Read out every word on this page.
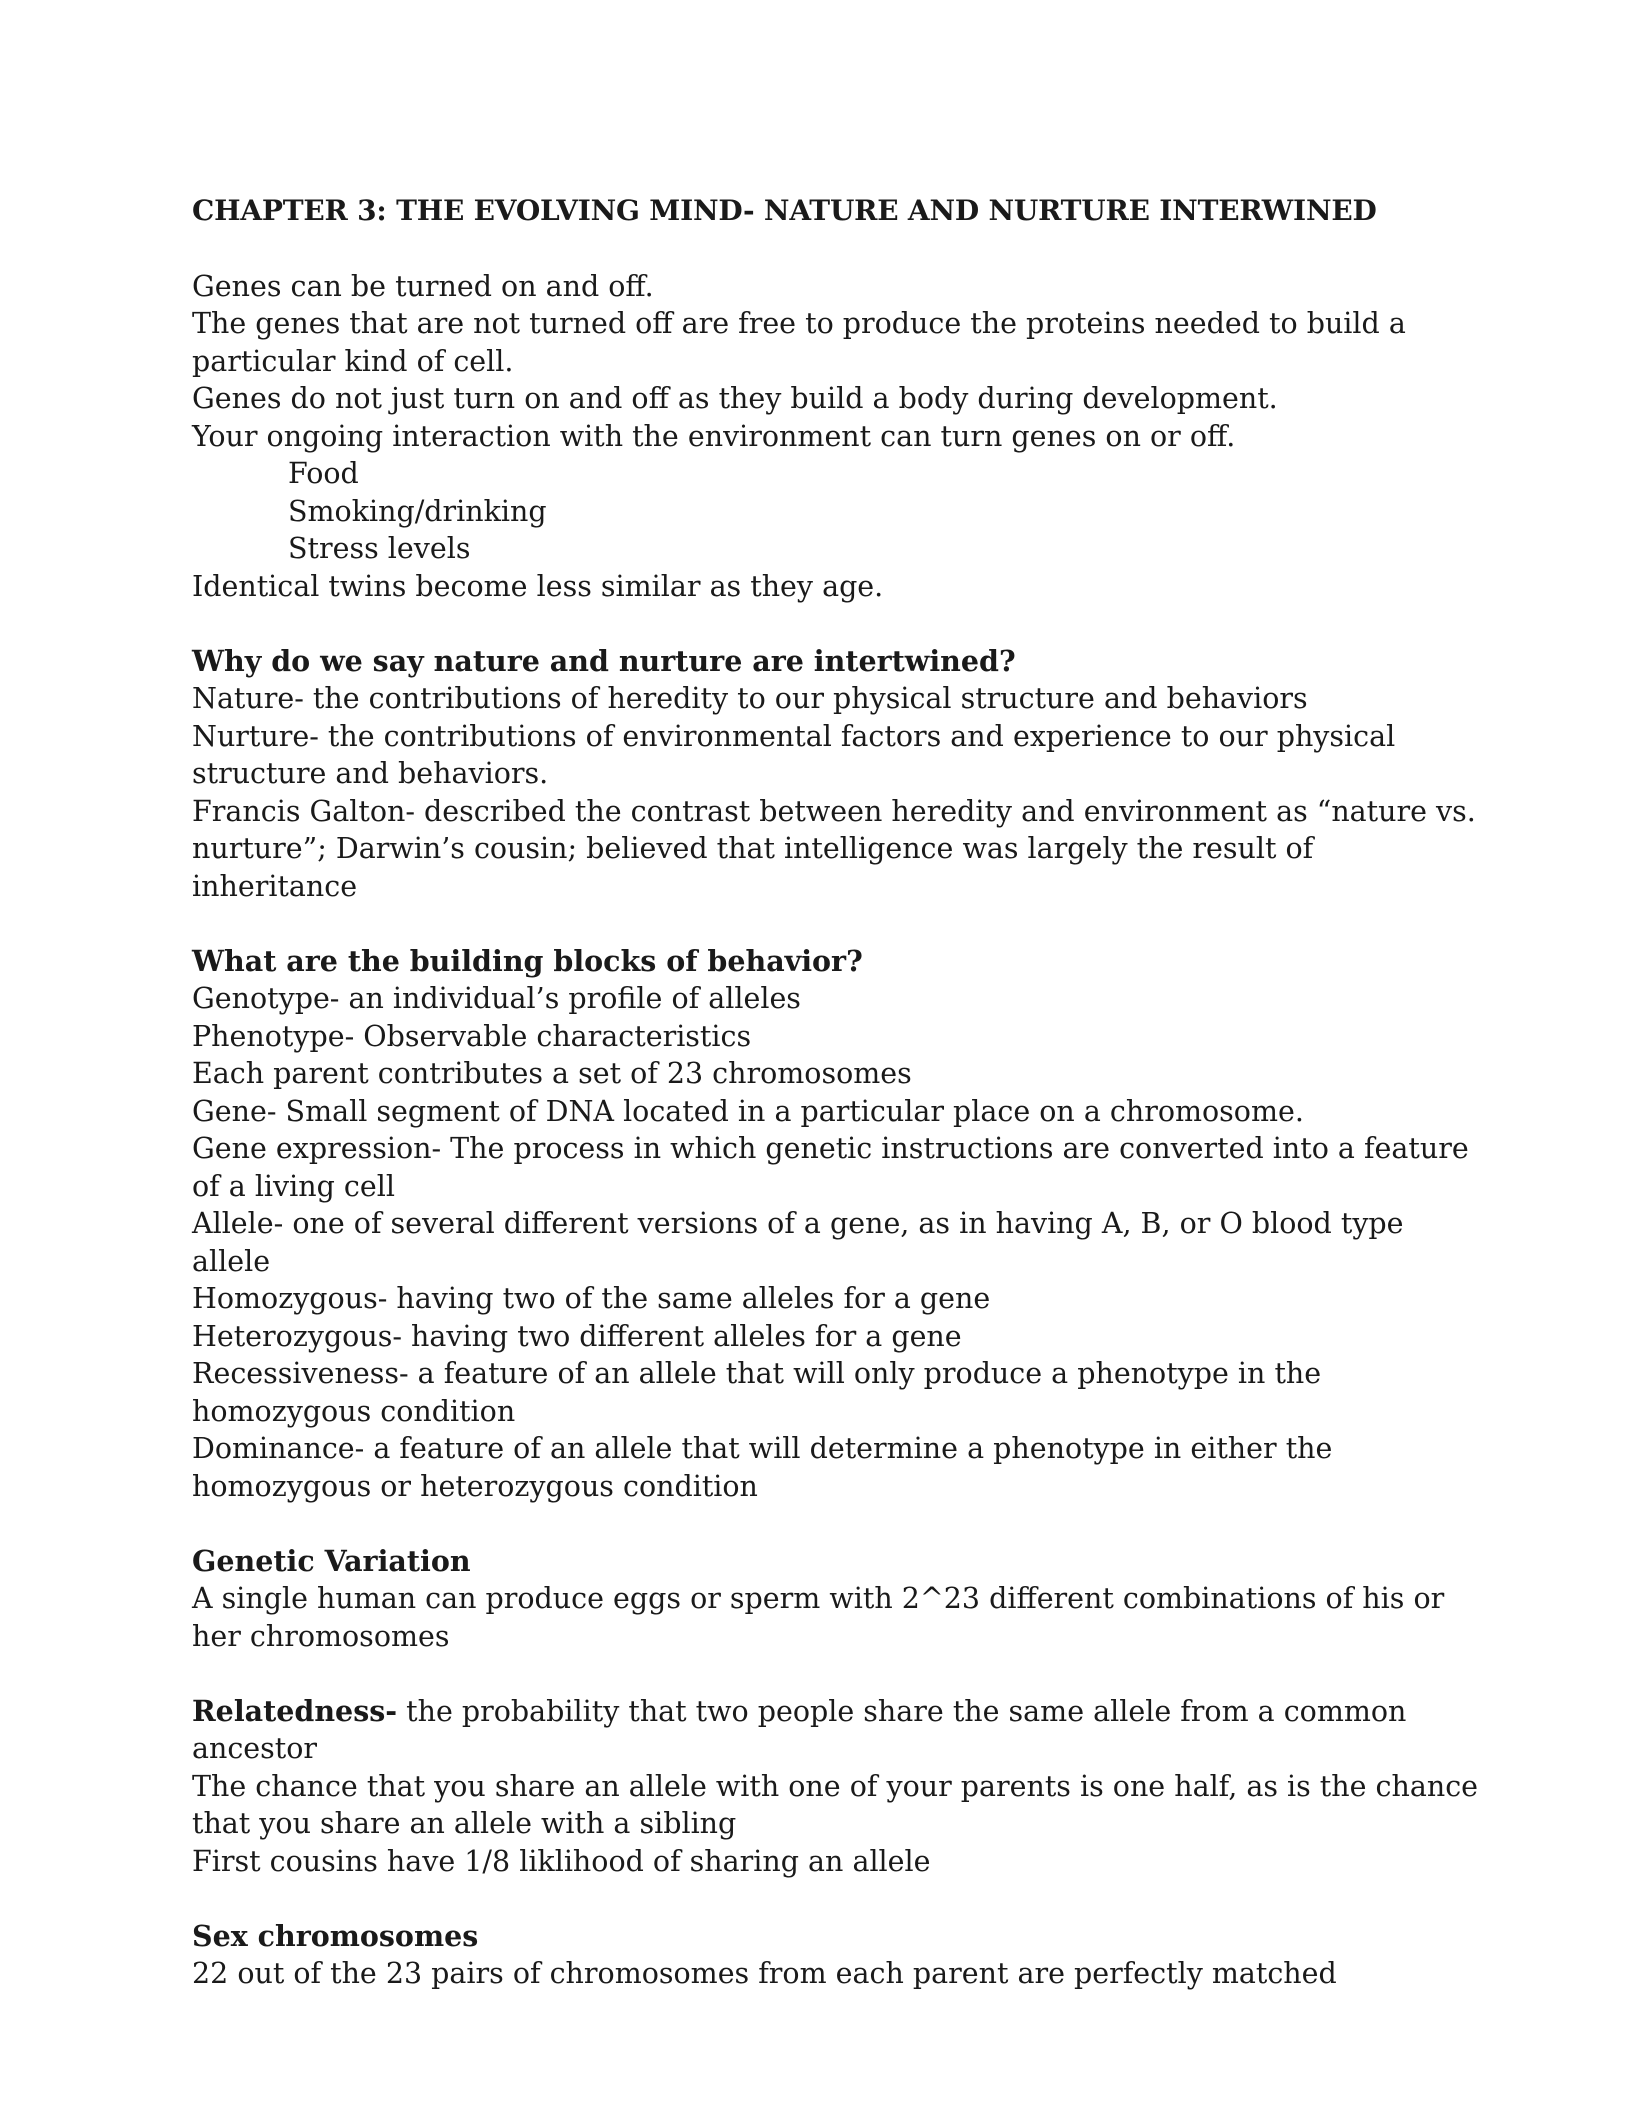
CHAPTER 3: THE EVOLVING MIND- NATURE AND NURTURE INTERWINED

Genes can be turned on and off.

The genes that are not turned off are free to produce the proteins needed to build a particular kind of cell.

Genes do not just turn on and off as they build a body during development.

Your ongoing interaction with the environment can turn genes on or off.

Food

Smoking/drinking

Stress levels

Identical twins become less similar as they age.

Why do we say nature and nurture are intertwined?

Nature- the contributions of heredity to our physical structure and behaviors

Nurture- the contributions of environmental factors and experience to our physical structure and behaviors.

Francis Galton- described the contrast between heredity and environment as “nature vs. nurture”; Darwin’s cousin; believed that intelligence was largely the result of inheritance

What are the building blocks of behavior?

Genotype- an individual’s profile of alleles

Phenotype- Observable characteristics

Each parent contributes a set of 23 chromosomes

Gene- Small segment of DNA located in a particular place on a chromosome.

Gene expression- The process in which genetic instructions are converted into a feature of a living cell

Allele- one of several different versions of a gene, as in having A, B, or O blood type allele

Homozygous- having two of the same alleles for a gene

Heterozygous- having two different alleles for a gene

Recessiveness- a feature of an allele that will only produce a phenotype in the homozygous condition

Dominance- a feature of an allele that will determine a phenotype in either the homozygous or heterozygous condition

Genetic Variation

A single human can produce eggs or sperm with 2^23 different combinations of his or her chromosomes

Relatedness- the probability that two people share the same allele from a common ancestor

The chance that you share an allele with one of your parents is one half, as is the chance that you share an allele with a sibling

First cousins have 1/8 liklihood of sharing an allele

Sex chromosomes

22 out of the 23 pairs of chromosomes from each parent are perfectly matched
